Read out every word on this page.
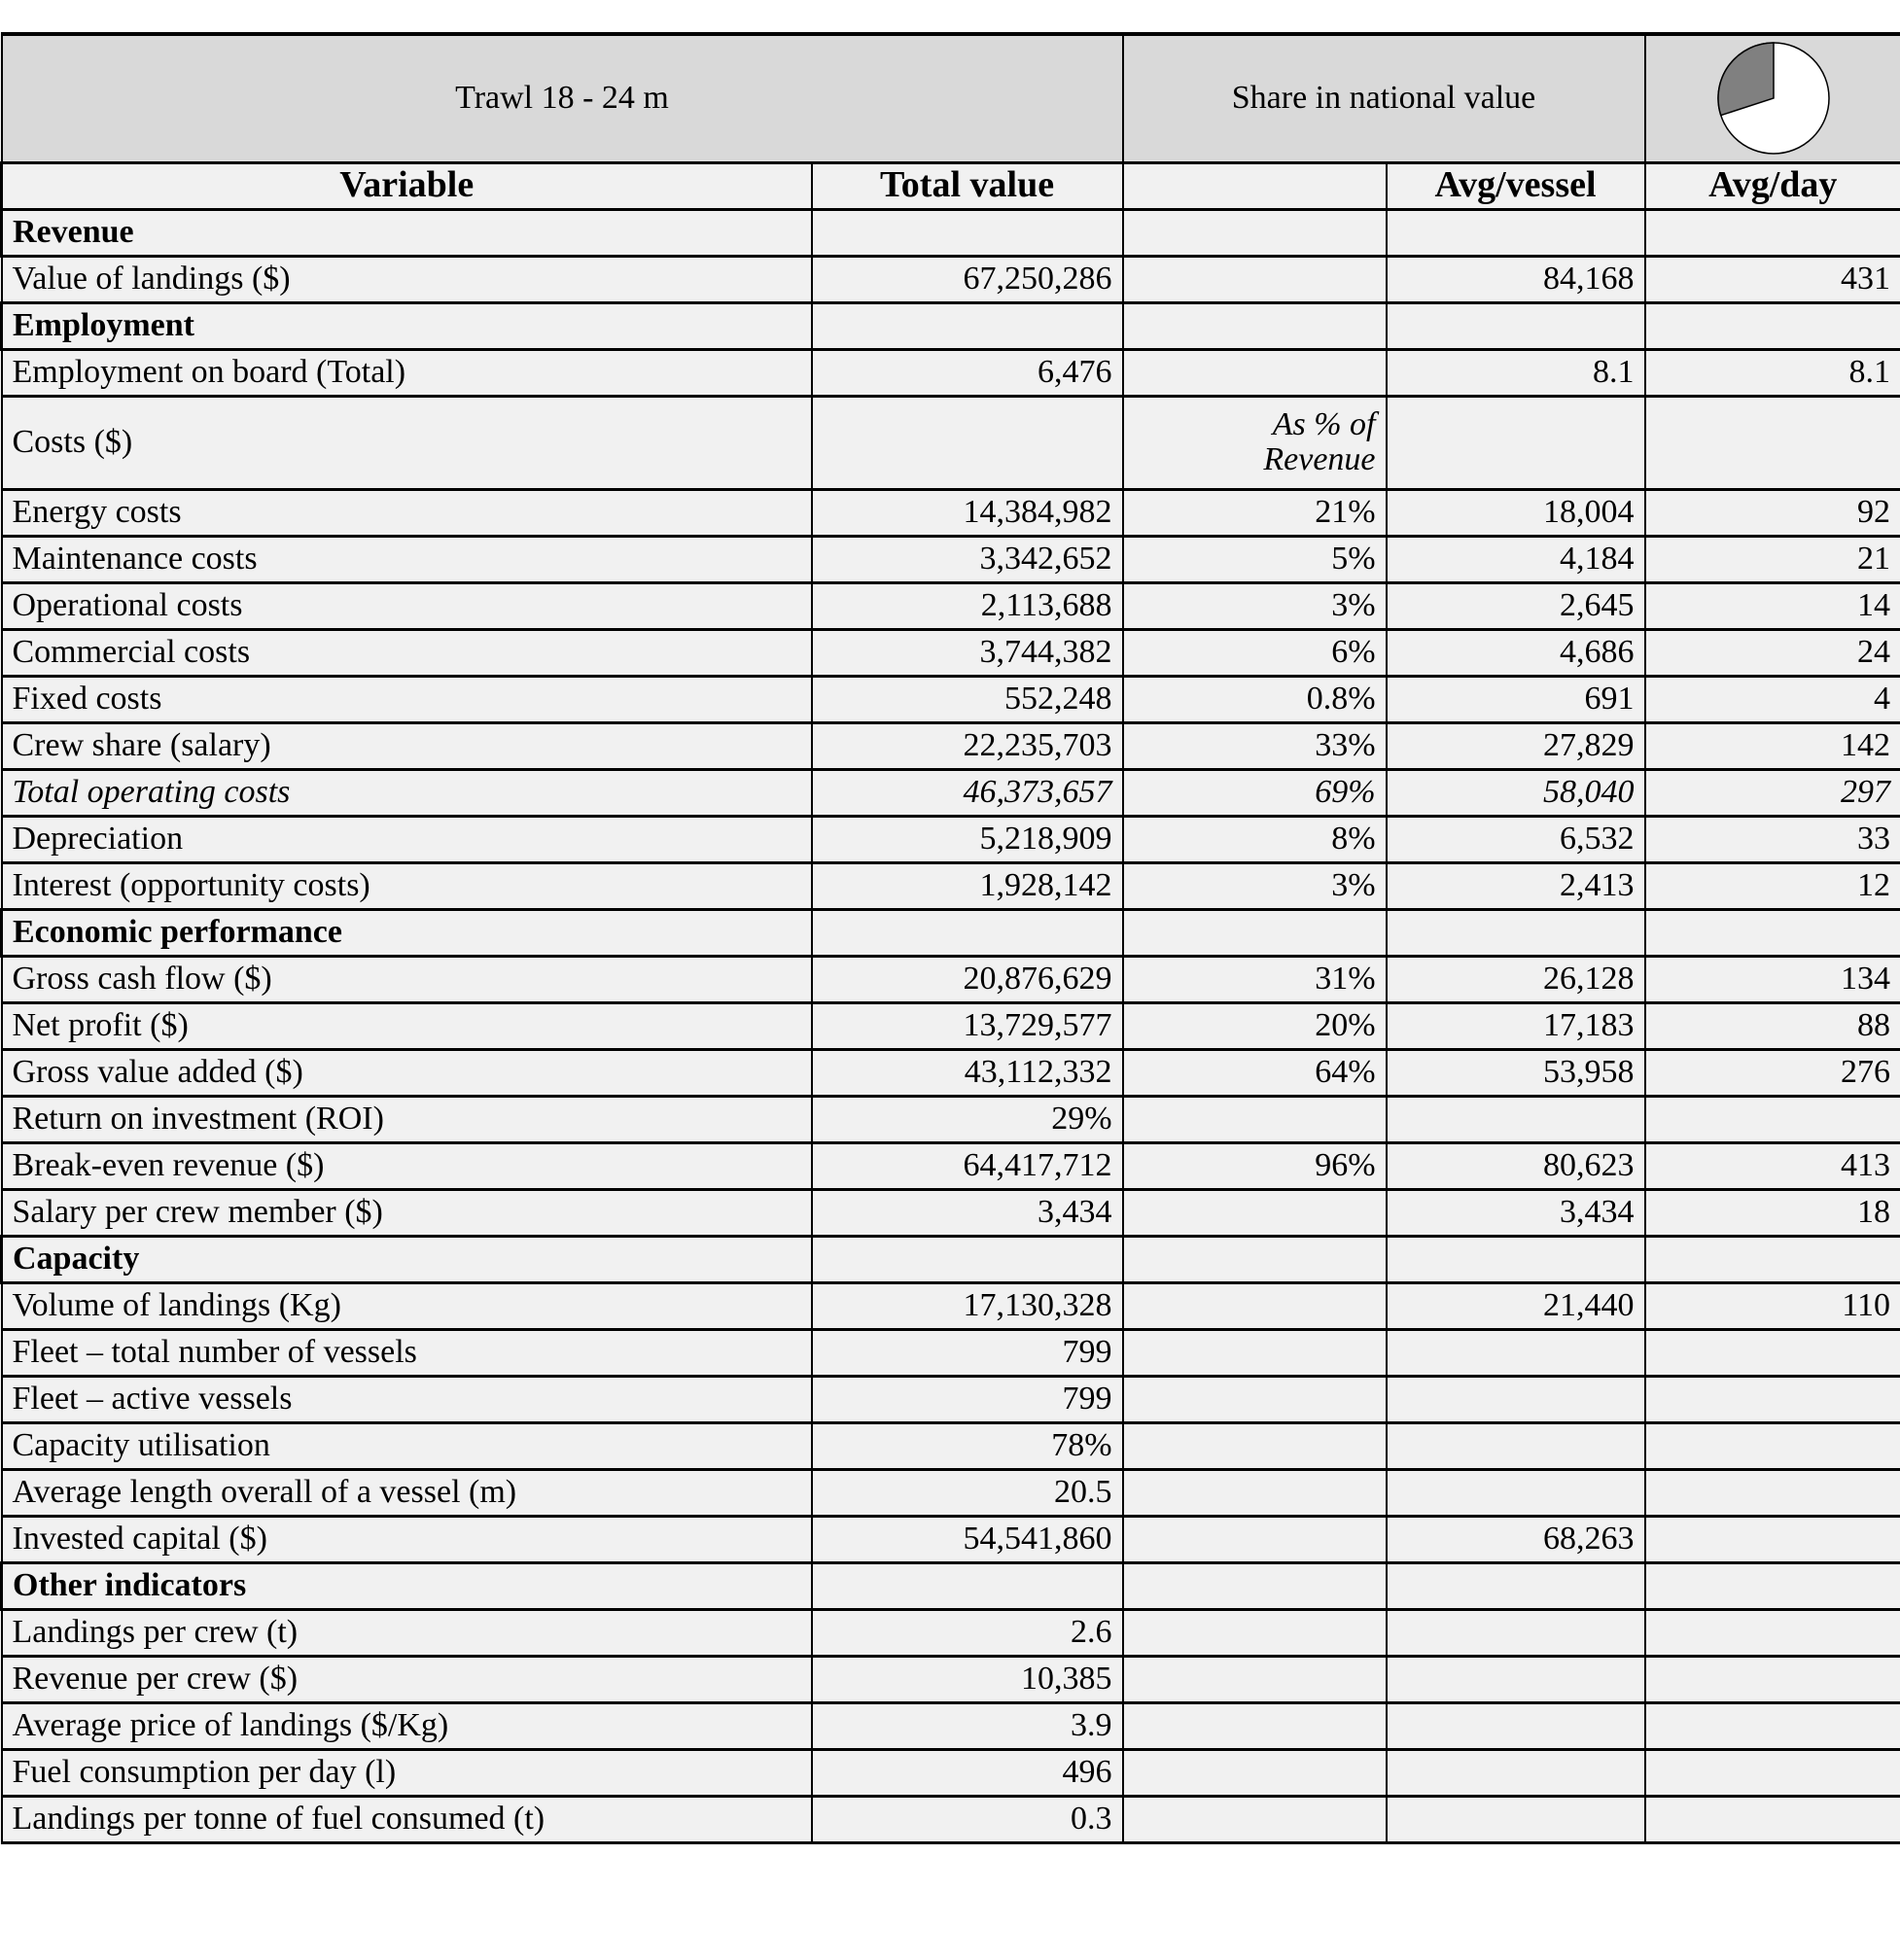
Trawl 18 - 24 m		Share in national value	

Variable	Total value		Avg/vessel	Avg/day
Revenue				
Value of landings ($)	67,250,286		84,168	431
Employment				
Employment on board (Total)	6,476		8.1	8.1
Costs ($)		As % of
Revenue		

Energy costs	14,384,982	21%	18,004	92
Maintenance costs	3,342,652	5%	4,184	21
Operational costs	2,113,688	3%	2,645	14
Commercial costs	3,744,382	6%	4,686	24
Fixed costs	552,248	0.8%	691	4
Crew share (salary)	22,235,703	33%	27,829	142
Total operating costs	46,373,657	69%	58,040	297
Depreciation	5,218,909	8%	6,532	33
Interest (opportunity costs)	1,928,142	3%	2,413	12
Economic performance				
Gross cash flow ($)	20,876,629	31%	26,128	134
Net profit ($)	13,729,577	20%	17,183	88
Gross value added ($)	43,112,332	64%	53,958	276
Return on investment (ROI)	29%			
Break-even revenue ($)	64,417,712	96%	80,623	413
Salary per crew member ($)	3,434		3,434	18
Capacity				
Volume of landings (Kg)	17,130,328		21,440	110
Fleet – total number of vessels	799			
Fleet – active vessels	799			
Capacity utilisation	78%			
Average length overall of a vessel (m)	20.5			
Invested capital ($)	54,541,860		68,263	
Other indicators				
Landings per crew (t)	2.6			
Revenue per crew ($)	10,385			
Average price of landings ($/Kg)	3.9			
Fuel consumption per day (l)	496			
Landings per tonne of fuel consumed (t)	0.3			
